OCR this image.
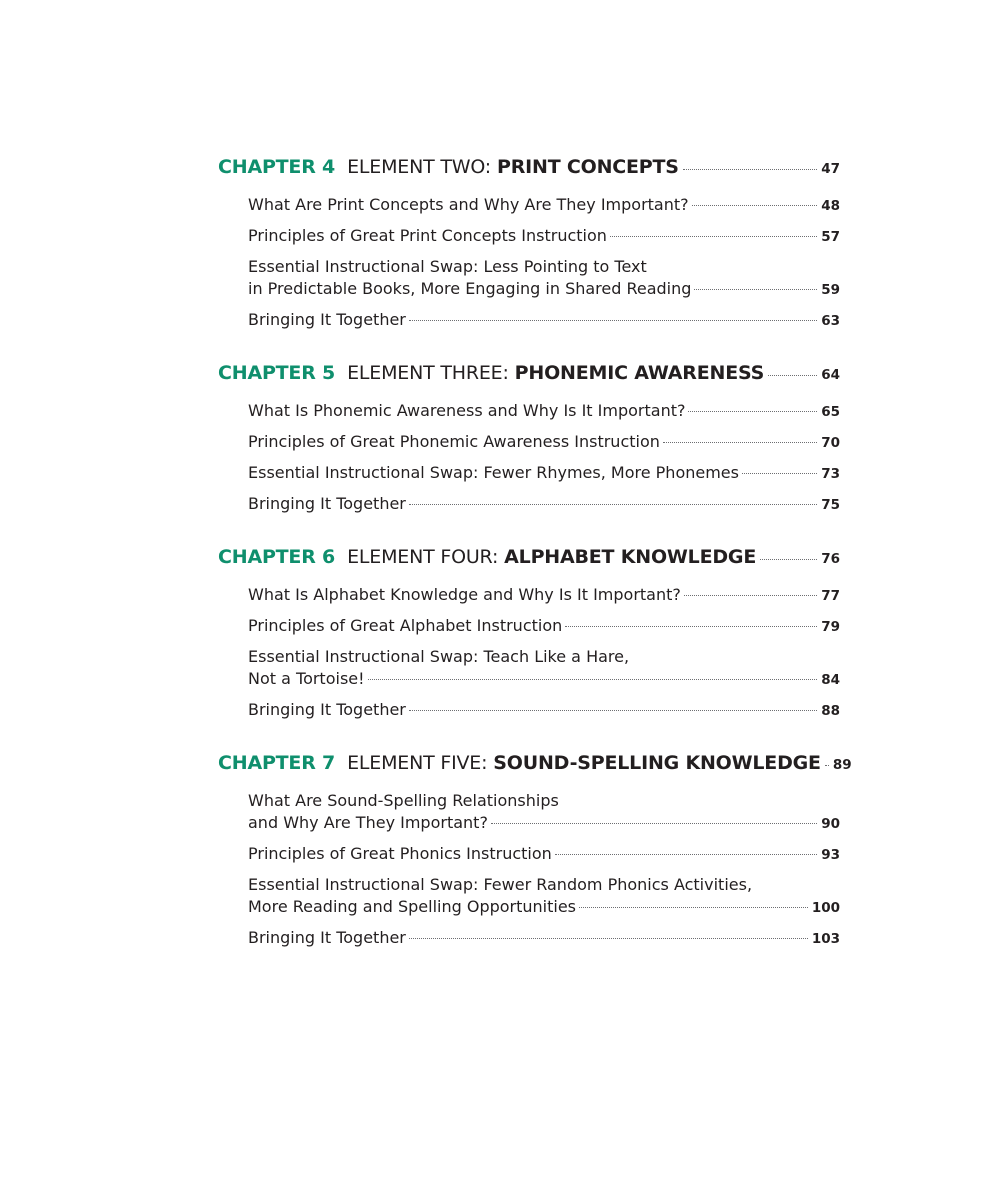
CHAPTER 4 ELEMENT TWO: PRINT CONCEPTS	47
What Are Print Concepts and Why Are They Important?	48
Principles of Great Print Concepts Instruction	57
Essential Instructional Swap: Less Pointing to Text
in Predictable Books, More Engaging in Shared Reading	59
Bringing It Together	63
CHAPTER 5 ELEMENT THREE: PHONEMIC AWARENESS	64
What Is Phonemic Awareness and Why Is It Important?	65
Principles of Great Phonemic Awareness Instruction	70
Essential Instructional Swap: Fewer Rhymes, More Phonemes	73
Bringing It Together	75
CHAPTER 6 ELEMENT FOUR: ALPHABET KNOWLEDGE	76
What Is Alphabet Knowledge and Why Is It Important?	77
Principles of Great Alphabet Instruction	79
Essential Instructional Swap: Teach Like a Hare,
Not a Tortoise!	84
Bringing It Together	88
CHAPTER 7 ELEMENT FIVE: SOUND-SPELLING KNOWLEDGE 89
What Are Sound-Spelling Relationships
and Why Are They Important?	90
Principles of Great Phonics Instruction	93
Essential Instructional Swap: Fewer Random Phonics Activities,
More Reading and Spelling Opportunities	100
Bringing It Together	103
